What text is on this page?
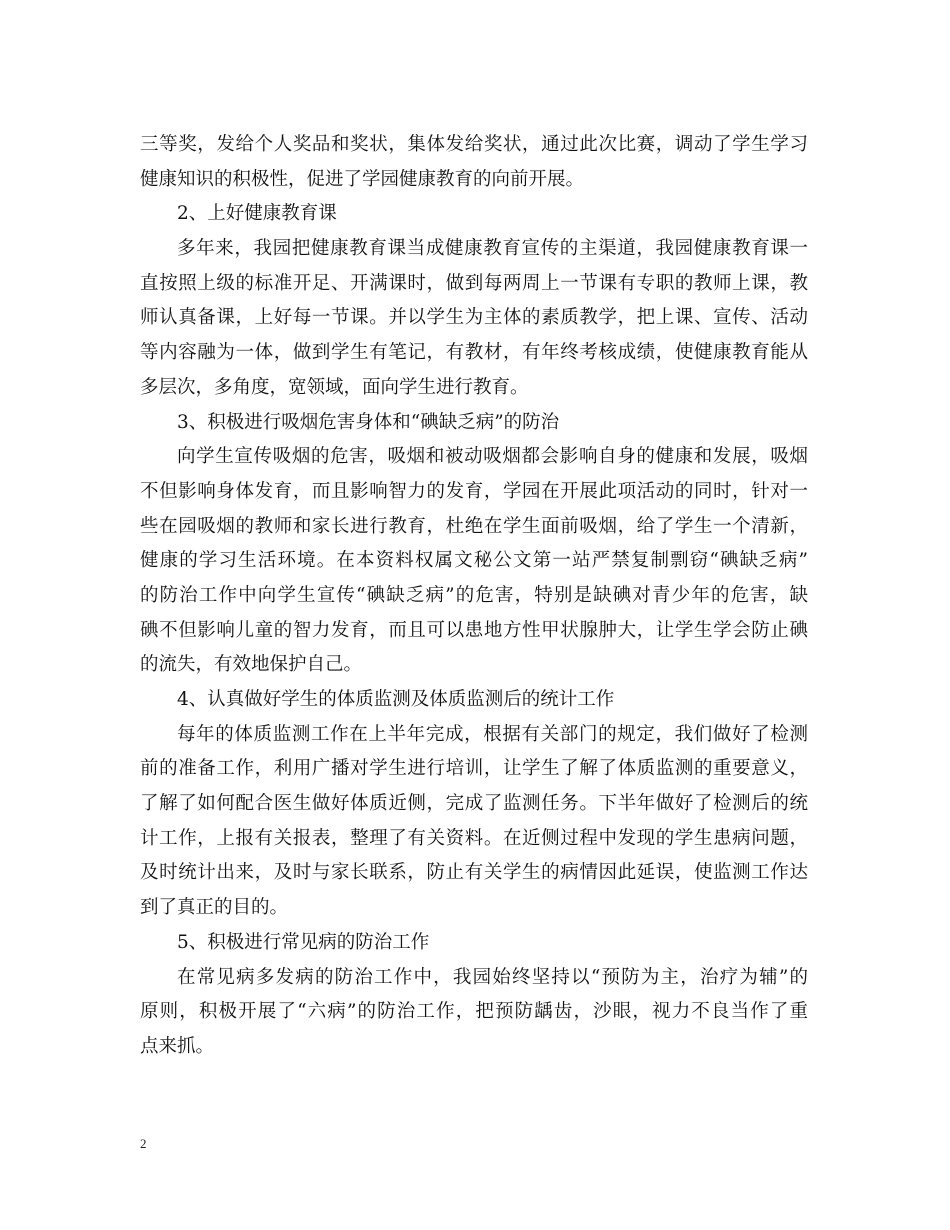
三等奖，发给个人奖品和奖状，集体发给奖状，通过此次比赛，调动了学生学习
健康知识的积极性，促进了学园健康教育的向前开展。
2、上好健康教育课
多年来，我园把健康教育课当成健康教育宣传的主渠道，我园健康教育课一
直按照上级的标准开足、开满课时，做到每两周上一节课有专职的教师上课，教
师认真备课，上好每一节课。并以学生为主体的素质教学，把上课、宣传、活动
等内容融为一体，做到学生有笔记，有教材，有年终考核成绩，使健康教育能从
多层次，多角度，宽领域，面向学生进行教育。
3、积极进行吸烟危害身体和“碘缺乏病”的防治
向学生宣传吸烟的危害，吸烟和被动吸烟都会影响自身的健康和发展，吸烟
不但影响身体发育，而且影响智力的发育，学园在开展此项活动的同时，针对一
些在园吸烟的教师和家长进行教育，杜绝在学生面前吸烟，给了学生一个清新，
健康的学习生活环境。在本资料权属文秘公文第一站严禁复制剽窃“碘缺乏病”
的防治工作中向学生宣传“碘缺乏病”的危害，特别是缺碘对青少年的危害，缺
碘不但影响儿童的智力发育，而且可以患地方性甲状腺肿大，让学生学会防止碘
的流失，有效地保护自己。
4、认真做好学生的体质监测及体质监测后的统计工作
每年的体质监测工作在上半年完成，根据有关部门的规定，我们做好了检测
前的准备工作，利用广播对学生进行培训，让学生了解了体质监测的重要意义，
了解了如何配合医生做好体质近侧，完成了监测任务。下半年做好了检测后的统
计工作，上报有关报表，整理了有关资料。在近侧过程中发现的学生患病问题，
及时统计出来，及时与家长联系，防止有关学生的病情因此延误，使监测工作达
到了真正的目的。
5、积极进行常见病的防治工作
在常见病多发病的防治工作中，我园始终坚持以“预防为主，治疗为辅”的
原则，积极开展了“六病”的防治工作，把预防龋齿，沙眼，视力不良当作了重
点来抓。
2
